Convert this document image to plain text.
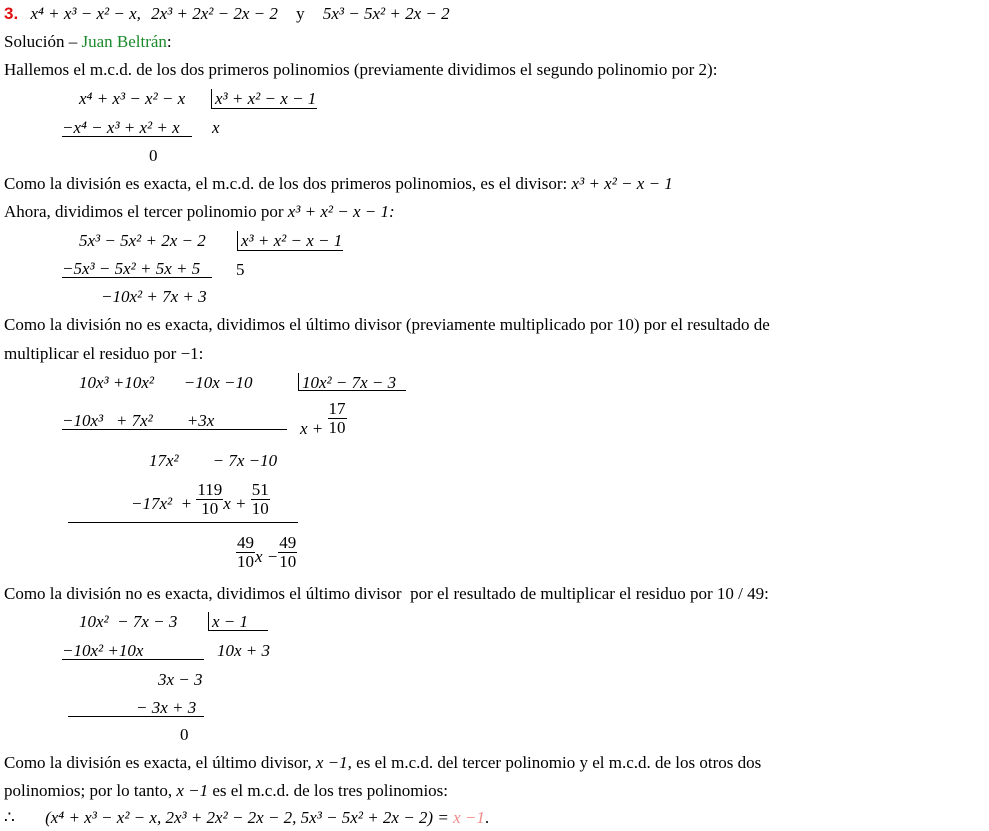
3. x⁴ + x³ − x² − x, 2x³ + 2x² − 2x − 2 y 5x³ − 5x² + 2x − 2
Solución – Juan Beltrán:
Hallemos el m.c.d. de los dos primeros polinomios (previamente dividimos el segundo polinomio por 2):
x⁴ + x³ − x² − x x³ + x² − x − 1
−x⁴ − x³ + x² + x x
0
Como la división es exacta, el m.c.d. de los dos primeros polinomios, es el divisor: x³ + x² − x − 1
Ahora, dividimos el tercer polinomio por x³ + x² − x − 1:
5x³ − 5x² + 2x − 2 x³ + x² − x − 1
−5x³ − 5x² + 5x + 5 5
−10x² + 7x + 3
Como la división no es exacta, dividimos el último divisor (previamente multiplicado por 10) por el resultado de
multiplicar el residuo por −1:
10x³ +10x²       −10x −10	10x² − 7x − 3
−10x³   + 7x²        +3x	$x + \frac{17}{10}$
17x²        − 7x −10
$-17x^2 + \frac{119}{10}$ $x + \frac{51}{10}$
$\frac{49}{10}$ $x - \frac{49}{10}$
Como la división no es exacta, dividimos el último divisor  por el resultado de multiplicar el residuo por 10 / 49:
10x²  − 7x − 3 x − 1
−10x² +10x	10x + 3
3x − 3
− 3x + 3
0
Como la división es exacta, el último divisor, x −1, es el m.c.d. del tercer polinomio y el m.c.d. de los otros dos
polinomios; por lo tanto, x −1 es el m.c.d. de los tres polinomios:
∴ (x⁴ + x³ − x² − x, 2x³ + 2x² − 2x − 2, 5x³ − 5x² + 2x − 2) = x −1.
